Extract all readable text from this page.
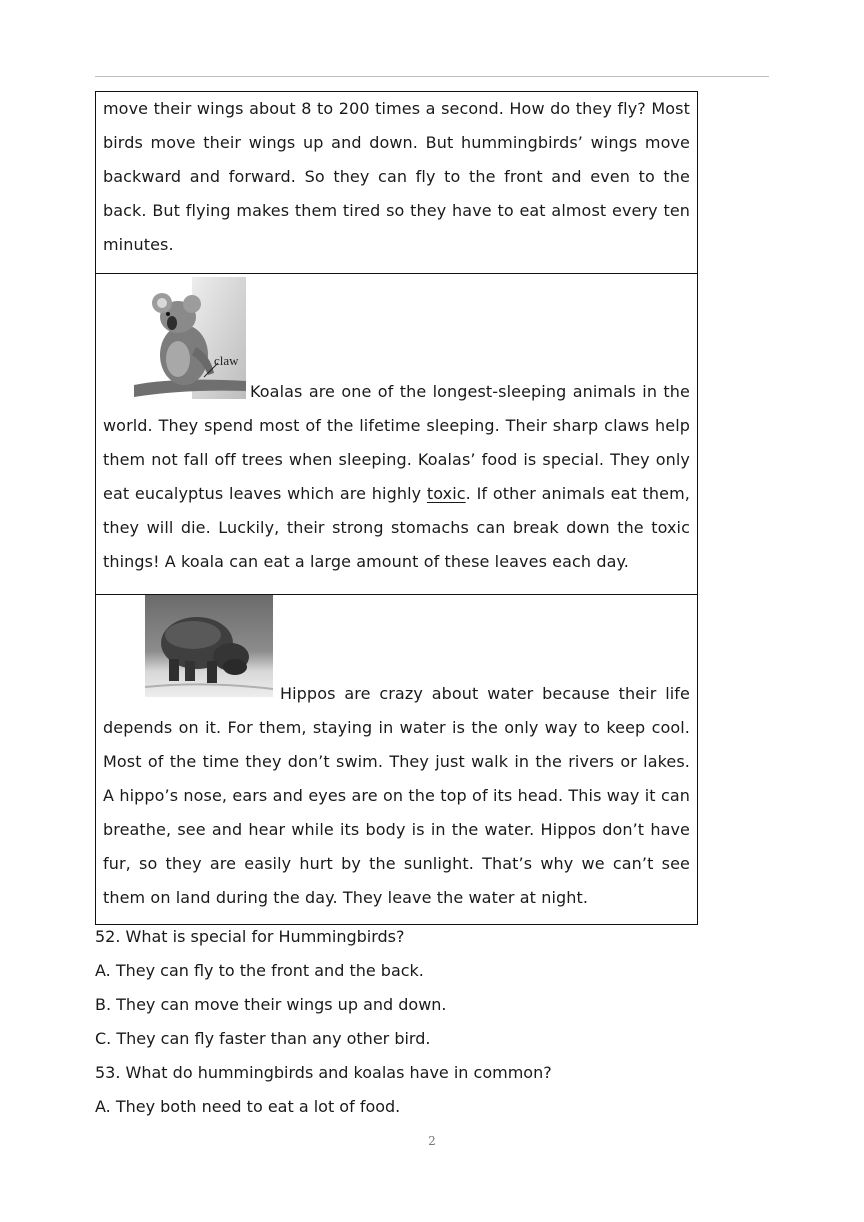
move their wings about 8 to 200 times a second. How do they fly? Most birds move their wings up and down. But hummingbirds’ wings move backward and forward. So they can fly to the front and even to the back. But flying makes them tired so they have to eat almost every ten minutes.

claw

Koalas are one of the longest-sleeping animals in the

world. They spend most of the lifetime sleeping. Their sharp claws help them not fall off trees when sleeping. Koalas’ food is special. They only eat eucalyptus leaves which are highly toxic. If other animals eat them, they will die. Luckily, their strong stomachs can break down the toxic things! A koala can eat a large amount of these leaves each day.

Hippos are crazy about water because their life

depends on it. For them, staying in water is the only way to keep cool. Most of the time they don’t swim. They just walk in the rivers or lakes. A hippo’s nose, ears and eyes are on the top of its head. This way it can breathe, see and hear while its body is in the water. Hippos don’t have fur, so they are easily hurt by the sunlight. That’s why we can’t see them on land during the day. They leave the water at night.

52. What is special for Hummingbirds?

A. They can fly to the front and the back.

B. They can move their wings up and down.

C. They can fly faster than any other bird.

53. What do hummingbirds and koalas have in common?

A. They both need to eat a lot of food.

2
